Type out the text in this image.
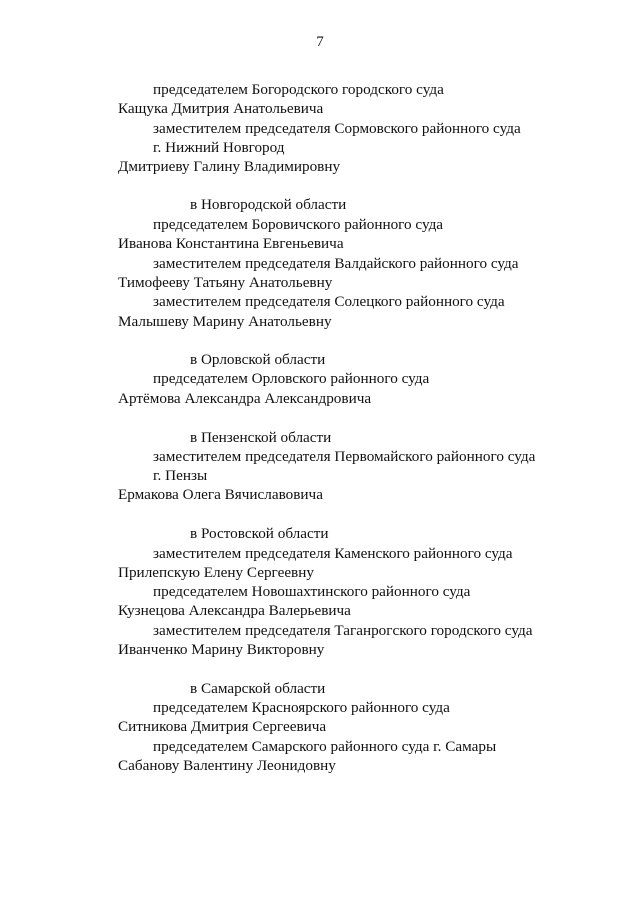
7
председателем Богородского городского суда
Кащука Дмитрия Анатольевича
заместителем председателя Сормовского районного суда
г. Нижний Новгород
Дмитриеву Галину Владимировну
в Новгородской области
председателем Боровичского районного суда
Иванова Константина Евгеньевича
заместителем председателя Валдайского районного суда
Тимофееву Татьяну Анатольевну
заместителем председателя Солецкого районного суда
Малышеву Марину Анатольевну
в Орловской области
председателем Орловского районного суда
Артёмова Александра Александровича
в Пензенской области
заместителем председателя Первомайского районного суда
г. Пензы
Ермакова Олега Вячиславовича
в Ростовской области
заместителем председателя Каменского районного суда
Прилепскую Елену Сергеевну
председателем Новошахтинского районного суда
Кузнецова Александра Валерьевича
заместителем председателя Таганрогского городского суда
Иванченко Марину Викторовну
в Самарской области
председателем Красноярского районного суда
Ситникова Дмитрия Сергеевича
председателем Самарского районного суда г. Самары
Сабанову Валентину Леонидовну
